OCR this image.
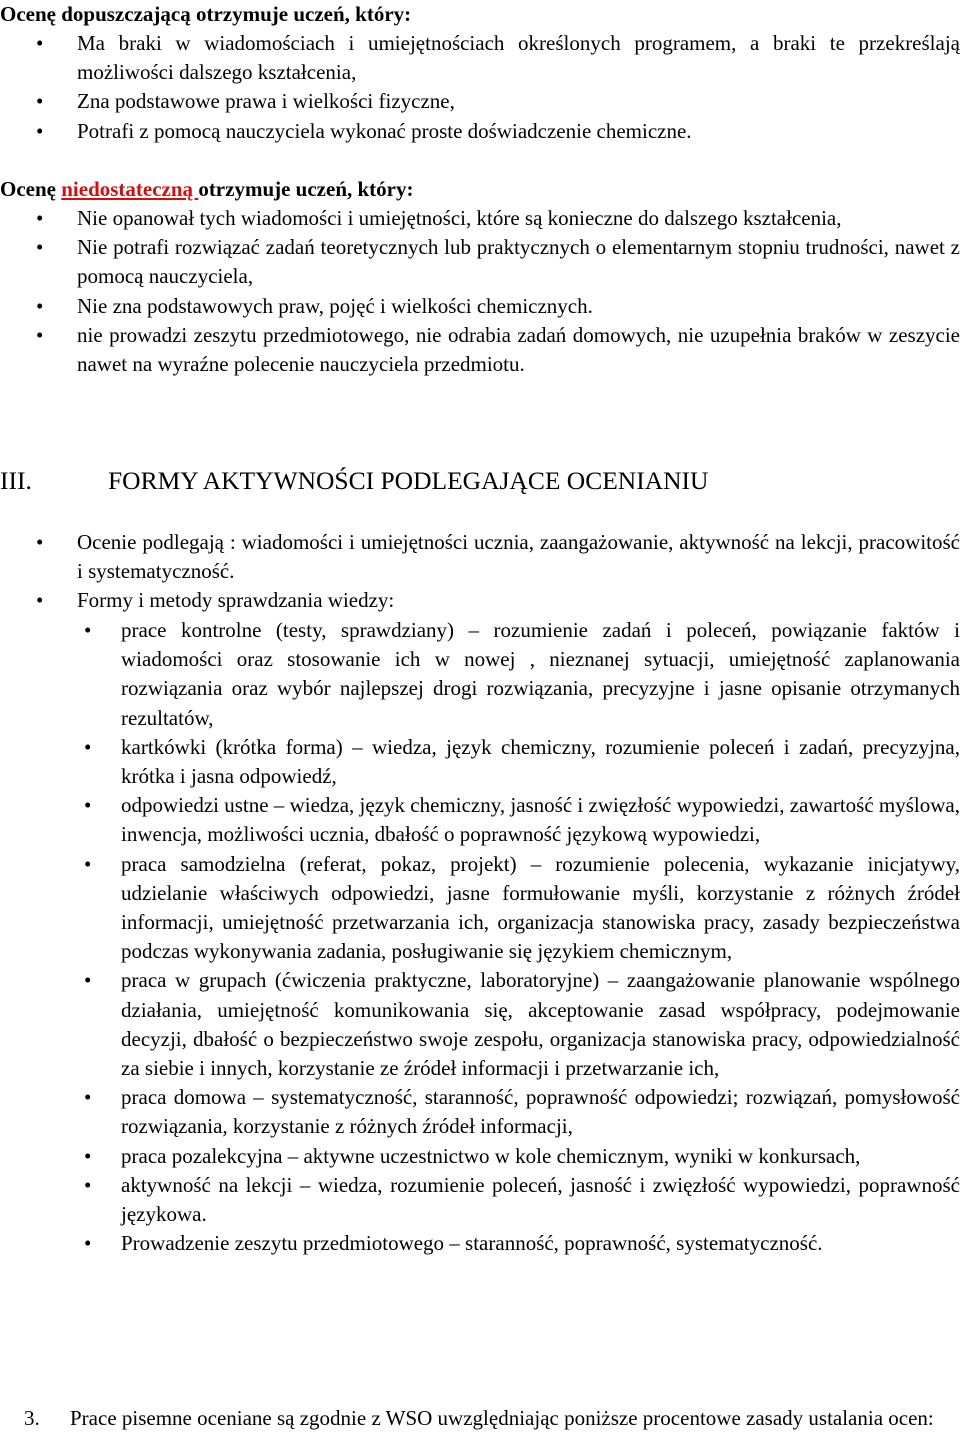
Ocenę dopuszczającą otrzymuje uczeń, który:
• Ma braki w wiadomościach i umiejętnościach określonych programem, a braki te przekreślają możliwości dalszego kształcenia,
• Zna podstawowe prawa i wielkości fizyczne,
• Potrafi z pomocą nauczyciela wykonać proste doświadczenie chemiczne.
Ocenę niedostateczną otrzymuje uczeń, który:
• Nie opanował tych wiadomości i umiejętności, które są konieczne do dalszego kształcenia,
• Nie potrafi rozwiązać zadań teoretycznych lub praktycznych o elementarnym stopniu trudności, nawet z pomocą nauczyciela,
• Nie zna podstawowych praw, pojęć i wielkości chemicznych.
• nie prowadzi zeszytu przedmiotowego, nie odrabia zadań domowych, nie uzupełnia braków w zeszycie nawet na wyraźne polecenie nauczyciela przedmiotu.
III.	FORMY AKTYWNOŚCI PODLEGAJĄCE OCENIANIU
• Ocenie podlegają : wiadomości i umiejętności ucznia, zaangażowanie, aktywność na lekcji, pracowitość i systematyczność.
• Formy i metody sprawdzania wiedzy:
• prace kontrolne (testy, sprawdziany) – rozumienie zadań i poleceń, powiązanie faktów i wiadomości oraz stosowanie ich w nowej , nieznanej sytuacji, umiejętność zaplanowania rozwiązania oraz wybór najlepszej drogi rozwiązania, precyzyjne i jasne opisanie otrzymanych rezultatów,
• kartkówki (krótka forma) – wiedza, język chemiczny, rozumienie poleceń i zadań, precyzyjna, krótka i jasna odpowiedź,
• odpowiedzi ustne – wiedza, język chemiczny, jasność i zwięzłość wypowiedzi, zawartość myślowa, inwencja, możliwości ucznia, dbałość o poprawność językową wypowiedzi,
• praca samodzielna (referat, pokaz, projekt) – rozumienie polecenia, wykazanie inicjatywy, udzielanie właściwych odpowiedzi, jasne formułowanie myśli, korzystanie z różnych źródeł informacji, umiejętność przetwarzania ich, organizacja stanowiska pracy, zasady bezpieczeństwa podczas wykonywania zadania, posługiwanie się językiem chemicznym,
• praca w grupach (ćwiczenia praktyczne, laboratoryjne) – zaangażowanie planowanie wspólnego działania, umiejętność komunikowania się, akceptowanie zasad współpracy, podejmowanie decyzji, dbałość o bezpieczeństwo swoje zespołu, organizacja stanowiska pracy, odpowiedzialność za siebie i innych, korzystanie ze źródeł informacji i przetwarzanie ich,
• praca domowa – systematyczność, staranność, poprawność odpowiedzi; rozwiązań, pomysłowość rozwiązania, korzystanie z różnych źródeł informacji,
• praca pozalekcyjna – aktywne uczestnictwo w kole chemicznym, wyniki w konkursach,
• aktywność na lekcji – wiedza, rozumienie poleceń, jasność i zwięzłość wypowiedzi, poprawność językowa.
• Prowadzenie zeszytu przedmiotowego – staranność, poprawność, systematyczność.
3. Prace pisemne oceniane są zgodnie z WSO uwzględniając poniższe procentowe zasady ustalania ocen:
